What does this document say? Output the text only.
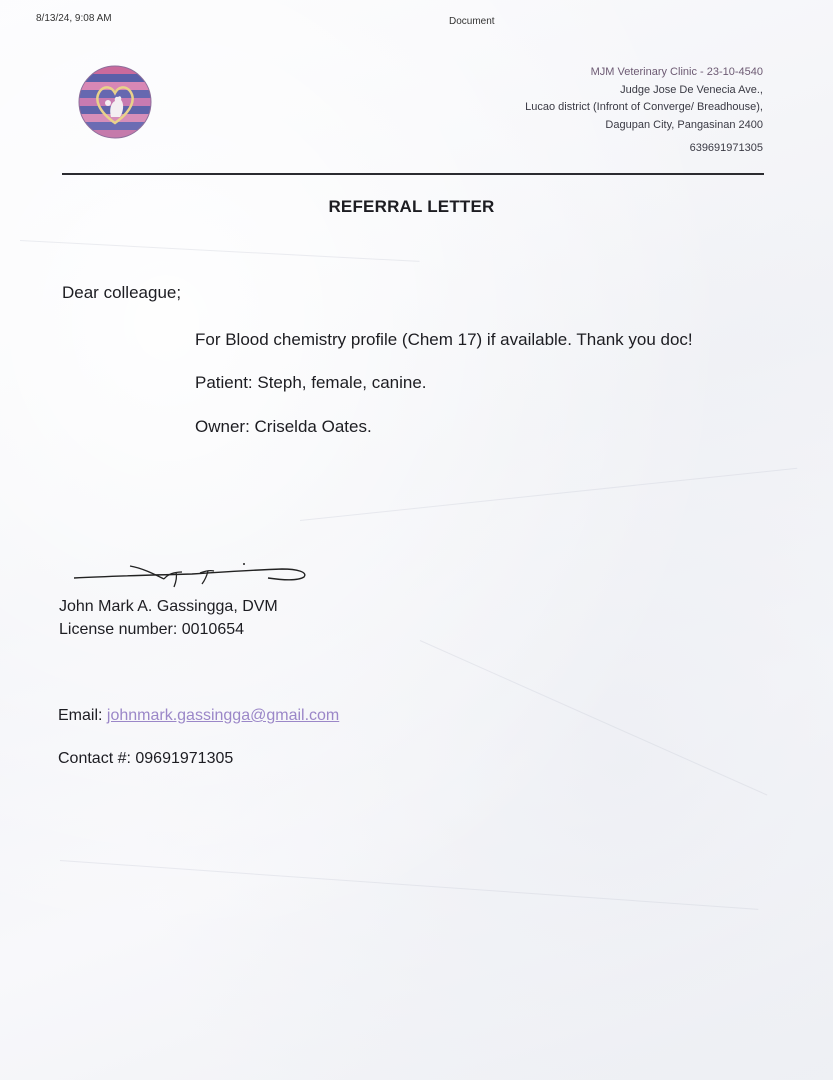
8/13/24, 9:08 AM	Document
MJM Veterinary Clinic - 23-10-4540
Judge Jose De Venecia Ave.,
Lucao district (Infront of Converge/ Breadhouse),
Dagupan City, Pangasinan 2400
639691971305
REFERRAL LETTER
Dear colleague;
For Blood chemistry profile (Chem 17) if available. Thank you doc!
Patient: Steph, female, canine.
Owner: Criselda Oates.
John Mark A. Gassingga, DVM
License number: 0010654
Email: johnmark.gassingga@gmail.com
Contact #: 09691971305
